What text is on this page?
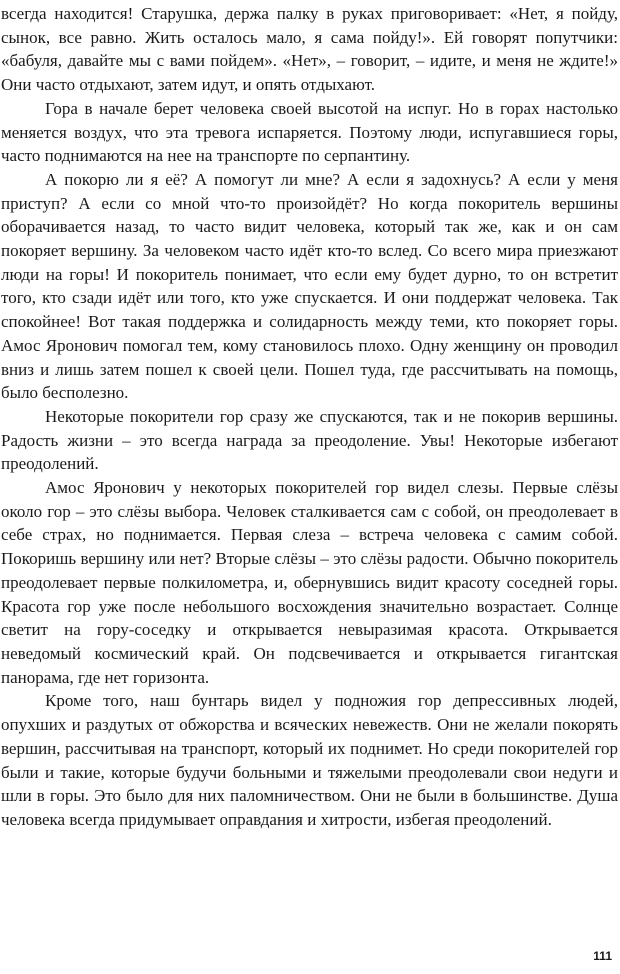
всегда находится! Старушка, держа палку в руках приговоривает: «Нет, я пойду, сынок, все равно. Жить осталось мало, я сама пойду!». Ей говорят попутчики: «бабуля, давайте мы с вами пойдем». «Нет», – говорит, – идите, и меня не ждите!» Они часто отдыхают, затем идут, и опять отдыхают.

Гора в начале берет человека своей высотой на испуг. Но в горах настолько меняется воздух, что эта тревога испаряется. Поэтому люди, испугавшиеся горы, часто поднимаются на нее на транспорте по серпантину.

А покорю ли я её? А помогут ли мне? А если я задохнусь? А если у меня приступ? А если со мной что-то произойдёт? Но когда покоритель вершины оборачивается назад, то часто видит человека, который так же, как и он сам покоряет вершину. За человеком часто идёт кто-то вслед. Со всего мира приезжают люди на горы! И покоритель понимает, что если ему будет дурно, то он встретит того, кто сзади идёт или того, кто уже спускается. И они поддержат человека. Так спокойнее! Вот такая поддержка и солидарность между теми, кто покоряет горы. Амос Яронович помогал тем, кому становилось плохо. Одну женщину он проводил вниз и лишь затем пошел к своей цели. Пошел туда, где рассчитывать на помощь, было бесполезно.

Некоторые покорители гор сразу же спускаются, так и не покорив вершины. Радость жизни – это всегда награда за преодоление. Увы! Некоторые избегают преодолений.

Амос Яронович у некоторых покорителей гор видел слезы. Первые слёзы около гор – это слёзы выбора. Человек сталкивается сам с собой, он преодолевает в себе страх, но поднимается. Первая слеза – встреча человека с самим собой. Покоришь вершину или нет? Вторые слёзы – это слёзы радости. Обычно покоритель преодолевает первые полкилометра, и, обернувшись видит красоту соседней горы. Красота гор уже после небольшого восхождения значительно возрастает. Солнце светит на гору-соседку и открывается невыразимая красота. Открывается неведомый космический край. Он подсвечивается и открывается гигантская панорама, где нет горизонта.

Кроме того, наш бунтарь видел у подножия гор депрессивных людей, опухших и раздутых от обжорства и всяческих невежеств. Они не желали покорять вершин, рассчитывая на транспорт, который их поднимет. Но среди покорителей гор были и такие, которые будучи больными и тяжелыми преодолевали свои недуги и шли в горы. Это было для них паломничеством. Они не были в большинстве. Душа человека всегда придумывает оправдания и хитрости, избегая преодолений.

111
